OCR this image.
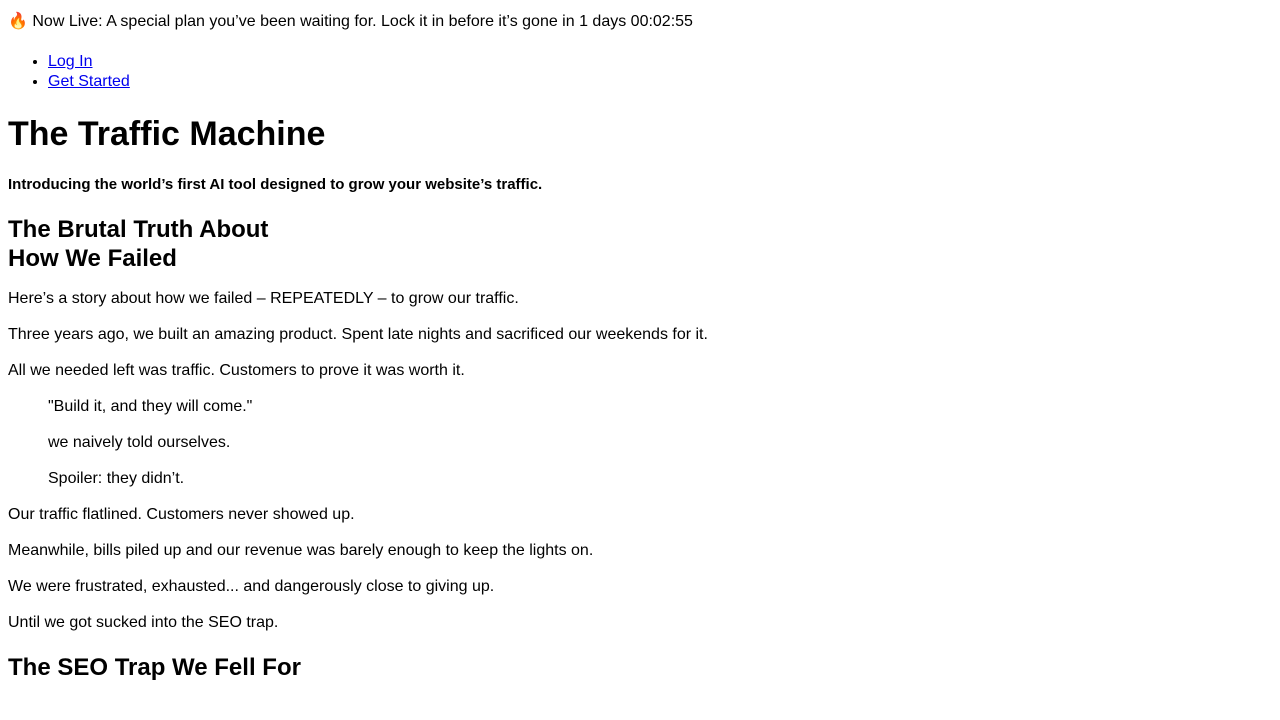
🔥 Now Live: A special plan you’ve been waiting for. Lock it in before it’s gone in 1 days 00:02:55

• Log In
• Get Started
The Traffic Machine

Introducing the world’s first AI tool designed to grow your website’s traffic.

The Brutal Truth About
How We Failed

Here’s a story about how we failed – REPEATEDLY – to grow our traffic.

Three years ago, we built an amazing product. Spent late nights and sacrificed our weekends for it.

All we needed left was traffic. Customers to prove it was worth it.

"Build it, and they will come."

we naively told ourselves.

Spoiler: they didn’t.

Our traffic flatlined. Customers never showed up.

Meanwhile, bills piled up and our revenue was barely enough to keep the lights on.

We were frustrated, exhausted... and dangerously close to giving up.

Until we got sucked into the SEO trap.

The SEO Trap We Fell For
